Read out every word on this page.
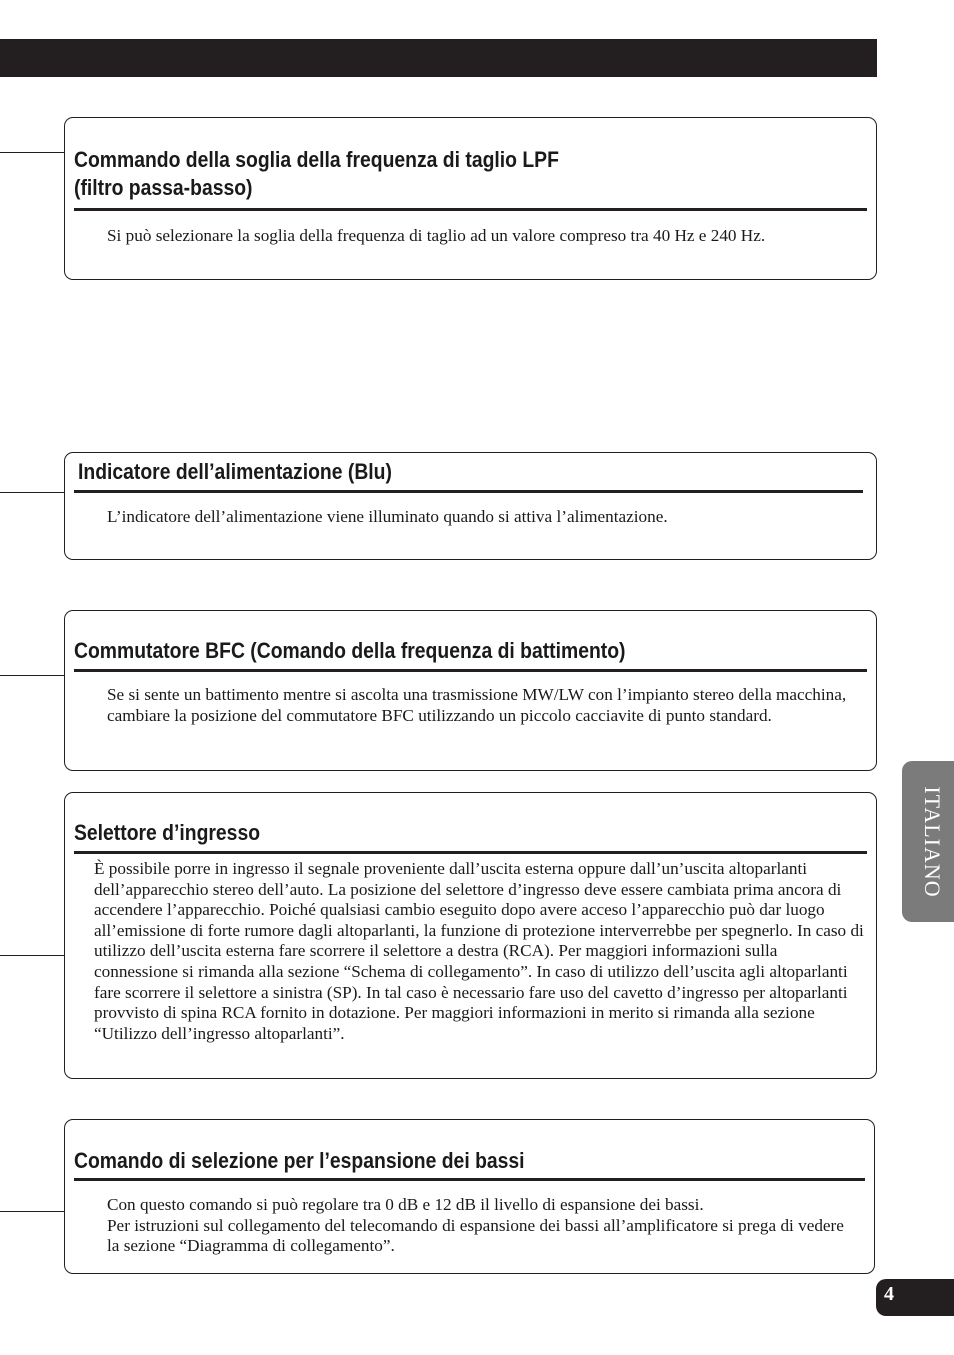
Commando della soglia della frequenza di taglio LPF
(filtro passa-basso)

Si può selezionare la soglia della frequenza di taglio ad un valore compreso tra 40 Hz e 240 Hz.

Indicatore dell’alimentazione (Blu)

L’indicatore dell’alimentazione viene illuminato quando si attiva l’alimentazione.

Commutatore BFC (Comando della frequenza di battimento)

Se si sente un battimento mentre si ascolta una trasmissione MW/LW con l’impianto stereo della macchina, cambiare la posizione del commutatore BFC utilizzando un piccolo cacciavite di punto standard.

Selettore d’ingresso

È possibile porre in ingresso il segnale proveniente dall’uscita esterna oppure dall’un’uscita altoparlanti dell’apparecchio stereo dell’auto. La posizione del selettore d’ingresso deve essere cambiata prima ancora di accendere l’apparecchio. Poiché qualsiasi cambio eseguito dopo avere acceso l’apparecchio può dar luogo all’emissione di forte rumore dagli altoparlanti, la funzione di protezione interverrebbe per spegnerlo. In caso di utilizzo dell’uscita esterna fare scorrere il selettore a destra (RCA). Per maggiori informazioni sulla connessione si rimanda alla sezione “Schema di collegamento”. In caso di utilizzo dell’uscita agli altoparlanti fare scorrere il selettore a sinistra (SP). In tal caso è necessario fare uso del cavetto d’ingresso per altoparlanti provvisto di spina RCA fornito in dotazione. Per maggiori informazioni in merito si rimanda alla sezione “Utilizzo dell’ingresso altoparlanti”.

Comando di selezione per l’espansione dei bassi

Con questo comando si può regolare tra 0 dB e 12 dB il livello di espansione dei bassi.

Per istruzioni sul collegamento del telecomando di espansione dei bassi all’amplificatore si prega di vedere la sezione “Diagramma di collegamento”.

ITALIANO
4
